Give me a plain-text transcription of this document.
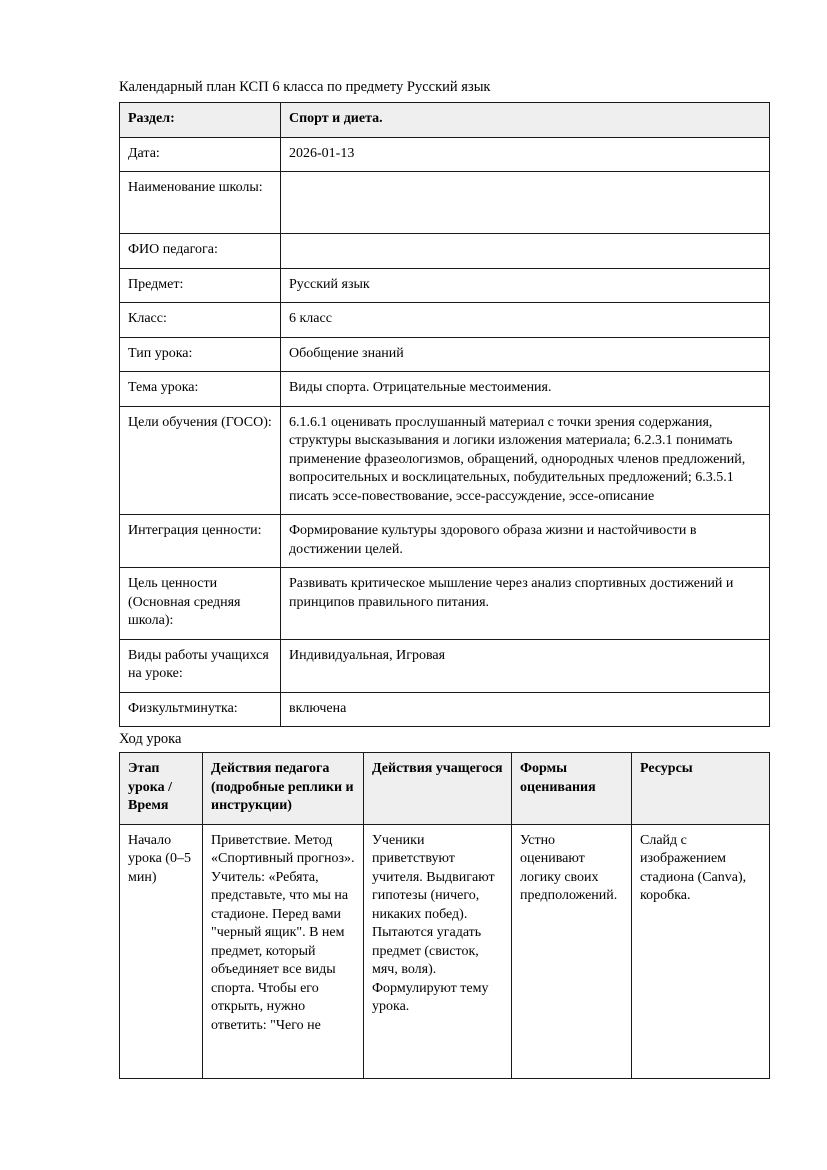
Календарный план КСП 6 класса по предмету Русский язык

Раздел:	Спорт и диета.
Дата:	2026-01-13
Наименование школы:	
ФИО педагога:	
Предмет:	Русский язык
Класс:	6 класс
Тип урока:	Обобщение знаний
Тема урока:	Виды спорта. Отрицательные местоимения.
Цели обучения (ГОСО):	6.1.6.1 оценивать прослушанный материал с точки зрения содержания, структуры высказывания и логики изложения материала; 6.2.3.1 понимать применение фразеологизмов, обращений, однородных членов предложений, вопросительных и восклицательных, побудительных предложений; 6.3.5.1 писать эссе-повествование, эссе-рассуждение, эссе-описание
Интеграция ценности:	Формирование культуры здорового образа жизни и настойчивости в достижении целей.
Цель ценности (Основная средняя школа):	Развивать критическое мышление через анализ спортивных достижений и принципов правильного питания.
Виды работы учащихся на уроке:	Индивидуальная, Игровая
Физкультминутка:	включена

Ход урока

Этап урока / Время	Действия педагога (подробные реплики и инструкции)	Действия учащегося	Формы оценивания	Ресурсы

Начало урока (0–5 мин)	Приветствие. Метод «Спортивный прогноз». Учитель: «Ребята, представьте, что мы на стадионе. Перед вами "черный ящик". В нем предмет, который объединяет все виды спорта. Чтобы его открыть, нужно ответить: "Чего не	Ученики приветствуют учителя. Выдвигают гипотезы (ничего, никаких побед). Пытаются угадать предмет (свисток, мяч, воля). Формулируют тему урока.	Устно оценивают логику своих предположений.	Слайд с изображением стадиона (Canva), коробка.
